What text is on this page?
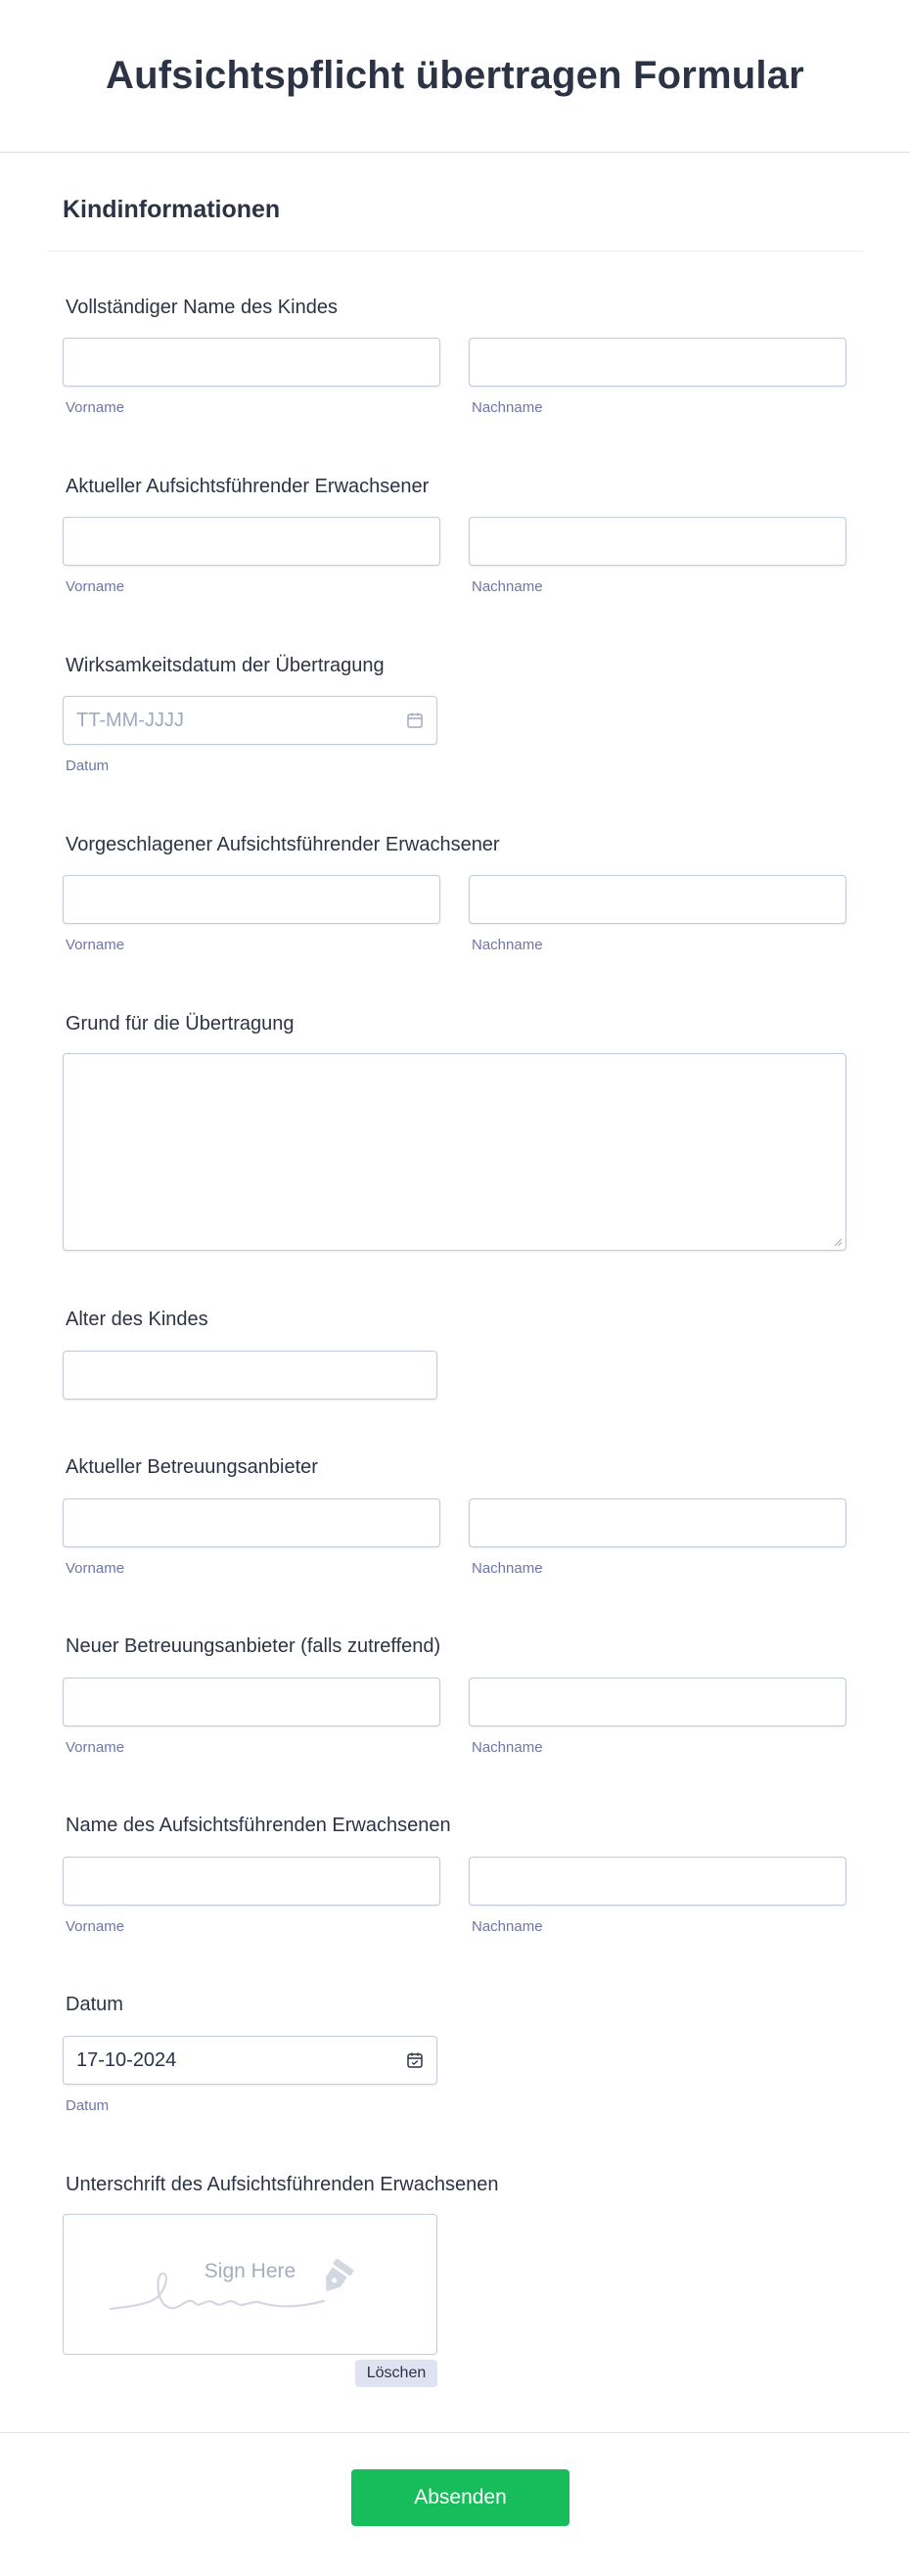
Aufsichtspflicht übertragen Formular
Kindinformationen
Vollständiger Name des Kindes
Vorname	Nachname
Aktueller Aufsichtsführender Erwachsener
Vorname	Nachname
Wirksamkeitsdatum der Übertragung
TT-MM-JJJJ
Datum
Vorgeschlagener Aufsichtsführender Erwachsener
Vorname	Nachname
Grund für die Übertragung
Alter des Kindes
Aktueller Betreuungsanbieter
Vorname	Nachname
Neuer Betreuungsanbieter (falls zutreffend)
Vorname	Nachname
Name des Aufsichtsführenden Erwachsenen
Vorname	Nachname
Datum
17-10-2024
Datum
Unterschrift des Aufsichtsführenden Erwachsenen
Sign Here
Löschen
Absenden
